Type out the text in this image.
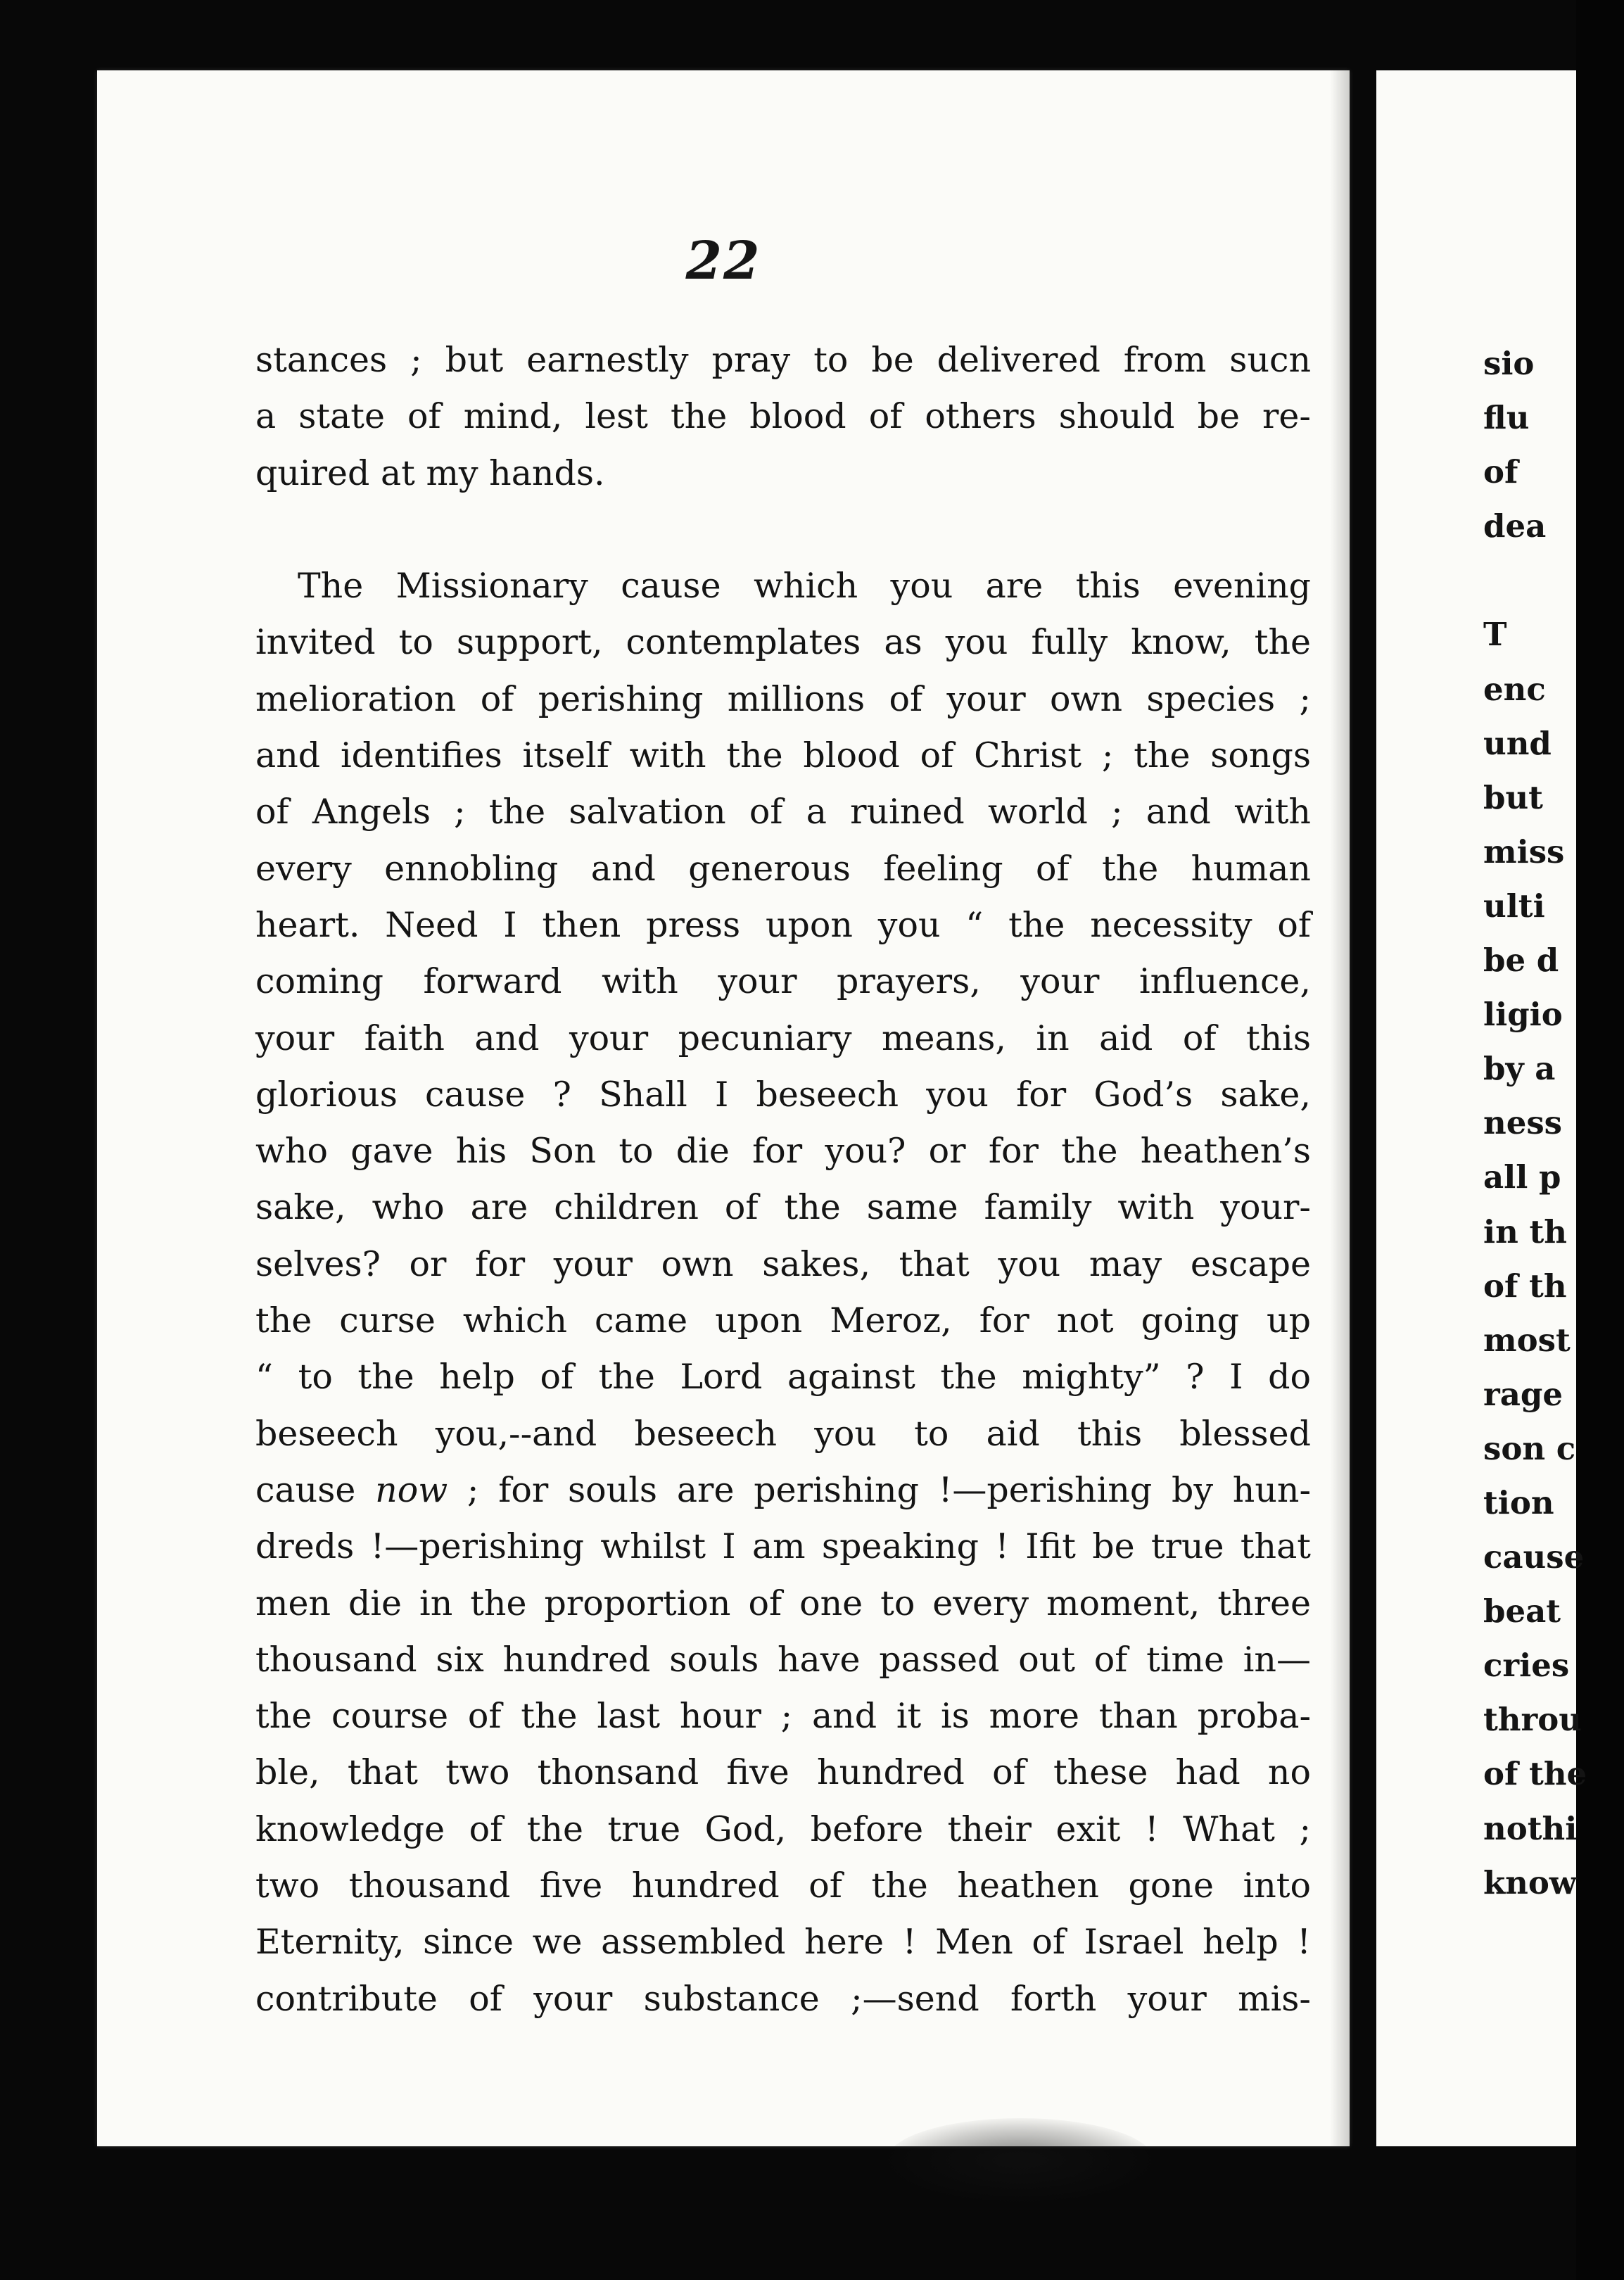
22
stances ; but earnestly pray to be delivered from sucn
a state of mind, lest the blood of others should be re-
quired at my hands.
The Missionary cause which you are this evening
invited to support, contemplates as you fully know, the
melioration of perishing millions of your own species ;
and identifies itself with the blood of Christ ; the songs
of Angels ; the salvation of a ruined world ; and with
every ennobling and generous feeling of the human
heart. Need I then press upon you “ the necessity of
coming forward with your prayers, your influence,
your faith and your pecuniary means, in aid of this
glorious cause ? Shall I beseech you for God’s sake,
who gave his Son to die for you? or for the heathen’s
sake, who are children of the same family with your-
selves? or for your own sakes, that you may escape
the curse which came upon Meroz, for not going up
“ to the help of the Lord against the mighty” ? I do
beseech you,--and beseech you to aid this blessed
cause now ; for souls are perishing !—perishing by hun-
dreds !—perishing whilst I am speaking ! Ifit be true that
men die in the proportion of one to every moment, three
thousand six hundred souls have passed out of time in—
the course of the last hour ; and it is more than proba-
ble, that two thonsand five hundred of these had no
knowledge of the true God, before their exit ! What ;
two thousand five hundred of the heathen gone into
Eternity, since we assembled here ! Men of Israel help !
contribute of your substance ;—send forth your mis-
sio
flu
of
dea
T
enc
und
but
miss
ulti
be d
ligio
by a
ness
all p
in th
of th
most
rage
son c
tion
cause
beat
cries
throu
of the
nothi
know
